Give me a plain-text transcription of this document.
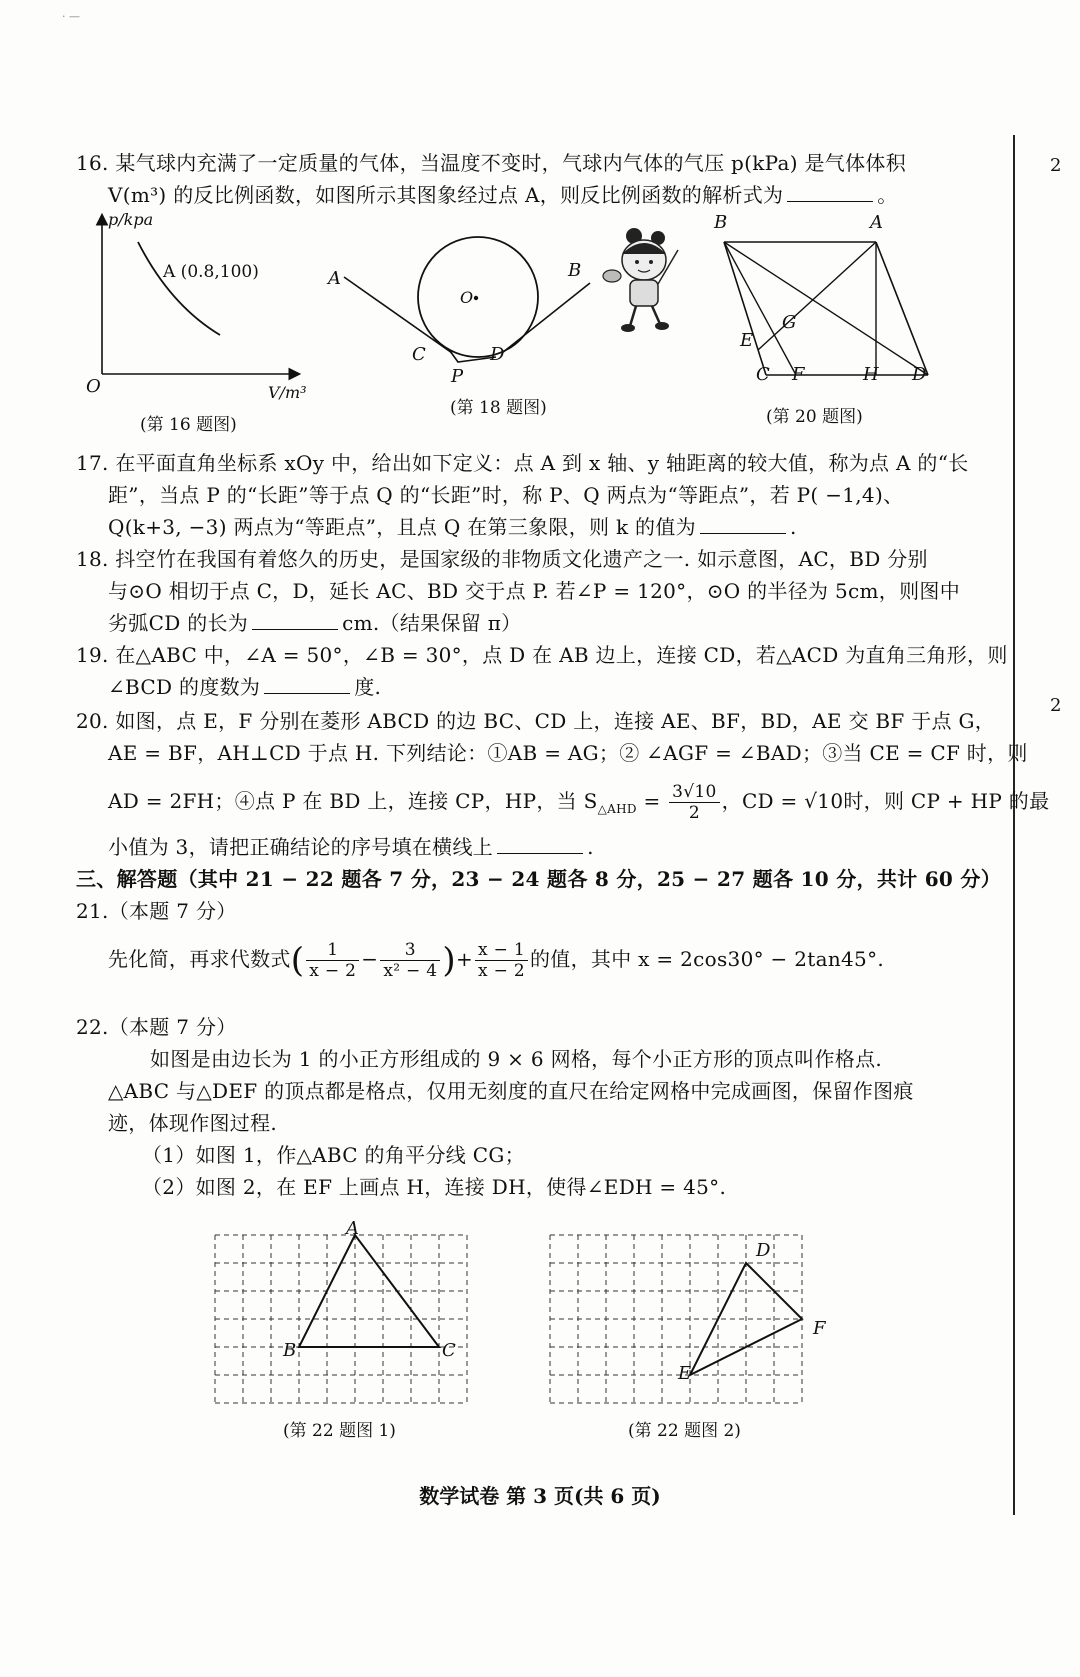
· —
2
2
16. 某气球内充满了一定质量的气体，当温度不变时，气球内气体的气压 p(kPa) 是气体体积
V(m³) 的反比例函数，如图所示其图象经过点 A，则反比例函数的解析式为	。
p/kpa
V/m³
O
A (0.8,100)
(第 16 题图)
A	B
C	D
P
O
(第 18 题图)
B	A
G
E
C F	H D
(第 20 题图)
17. 在平面直角坐标系 xOy 中，给出如下定义：点 A 到 x 轴、y 轴距离的较大值，称为点 A 的“长
距”，当点 P 的“长距”等于点 Q 的“长距”时，称 P、Q 两点为“等距点”，若 P( −1,4)、
Q(k+3, −3) 两点为“等距点”，且点 Q 在第三象限，则 k 的值为	.
18. 抖空竹在我国有着悠久的历史，是国家级的非物质文化遗产之一. 如示意图，AC，BD 分别
与⊙O 相切于点 C，D，延长 AC、BD 交于点 P. 若∠P = 120°，⊙O 的半径为 5cm，则图中
劣弧CD 的长为	cm.（结果保留 π）
19. 在△ABC 中，∠A = 50°，∠B = 30°，点 D 在 AB 边上，连接 CD，若△ACD 为直角三角形，则
∠BCD 的度数为	度.
20. 如图，点 E，F 分别在菱形 ABCD 的边 BC、CD 上，连接 AE、BF，BD，AE 交 BF 于点 G，
AE = BF，AH⊥CD 于点 H. 下列结论：①AB = AG；② ∠AGF = ∠BAD；③当 CE = CF 时，则
AD = 2FH；④点 P 在 BD 上，连接 CP，HP，当 $S_{\triangle AHD} = \frac{3√10}{2}$ ，CD = √10时，则 CP + HP 的最
小值为 3，请把正确结论的序号填在横线上	.
三、解答题（其中 21 − 22 题各 7 分，23 − 24 题各 8 分，25 − 27 题各 10 分，共计 60 分）
21.（本题 7 分）
先化简，再求代数式( $\frac{1}{x - 2} - \frac{3}{\text{x² − 4}}$ )+ $\frac{x - 1}{x - 2}$ 的值，其中 x = 2cos30° − 2tan45°.
22.（本题 7 分）
如图是由边长为 1 的小正方形组成的 9 × 6 网格，每个小正方形的顶点叫作格点.
△ABC 与△DEF 的顶点都是格点，仅用无刻度的直尺在给定网格中完成画图，保留作图痕
迹，体现作图过程.
（1）如图 1，作△ABC 的角平分线 CG；
（2）如图 2，在 EF 上画点 H，连接 DH，使得∠EDH = 45°.
A
B	C
(第 22 题图 1)
D
E
F
(第 22 题图 2)
数学试卷 第 3 页(共 6 页)
